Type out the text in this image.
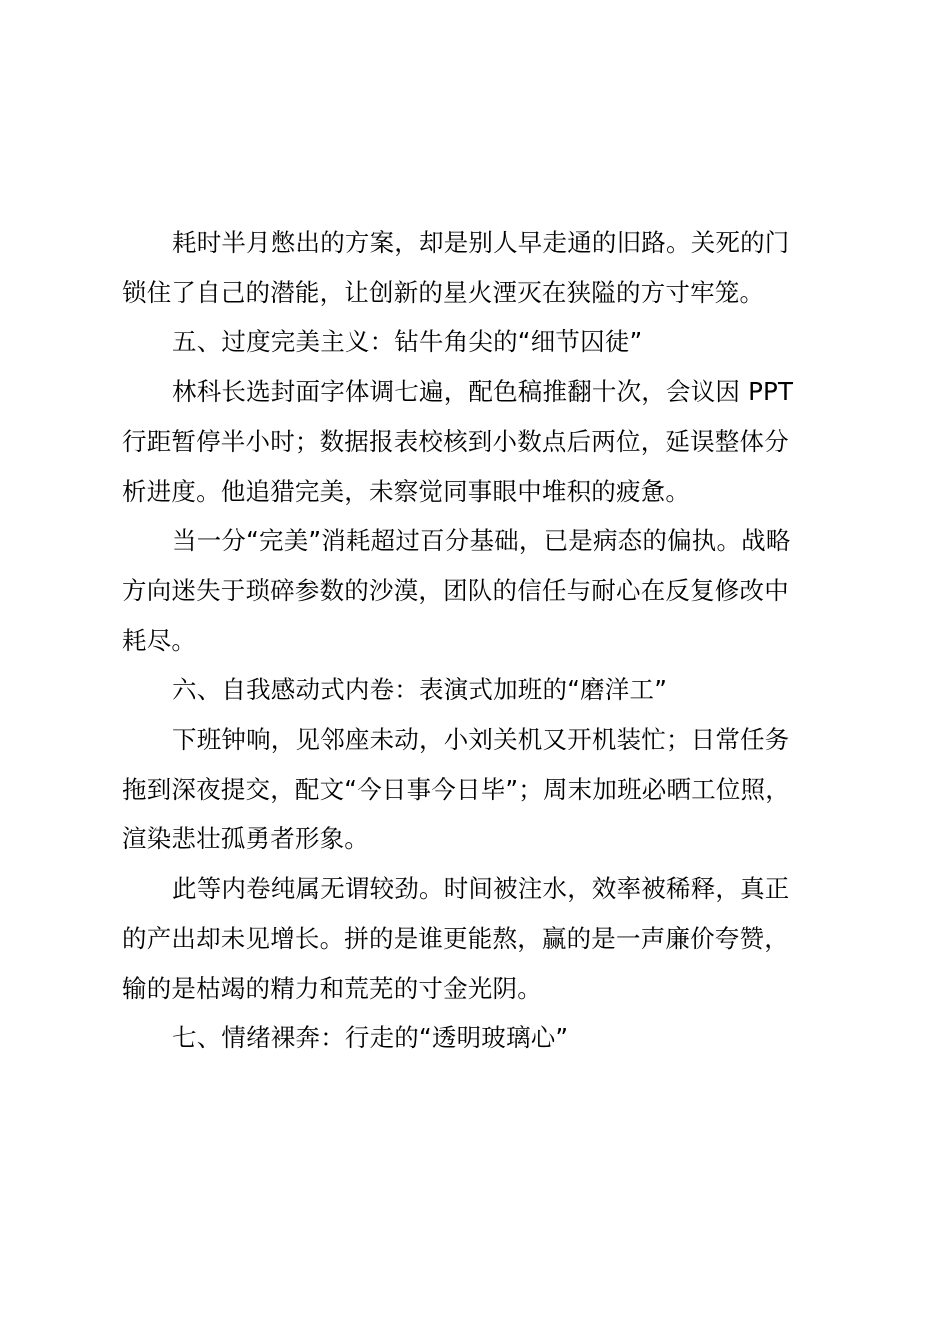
耗时半月憋出的方案，却是别人早走通的旧路。关死的门
锁住了自己的潜能，让创新的星火湮灭在狭隘的方寸牢笼。
五、过度完美主义：钻牛角尖的“细节囚徒”
林科长选封面字体调七遍，配色稿推翻十次，会议因 PPT
行距暂停半小时；数据报表校核到小数点后两位，延误整体分
析进度。他追猎完美，未察觉同事眼中堆积的疲惫。
当一分“完美”消耗超过百分基础，已是病态的偏执。战略
方向迷失于琐碎参数的沙漠，团队的信任与耐心在反复修改中
耗尽。
六、自我感动式内卷：表演式加班的“磨洋工”
下班钟响，见邻座未动，小刘关机又开机装忙；日常任务
拖到深夜提交，配文“今日事今日毕”；周末加班必晒工位照，
渲染悲壮孤勇者形象。
此等内卷纯属无谓较劲。时间被注水，效率被稀释，真正
的产出却未见增长。拼的是谁更能熬，赢的是一声廉价夸赞，
输的是枯竭的精力和荒芜的寸金光阴。
七、情绪裸奔：行走的“透明玻璃心”
